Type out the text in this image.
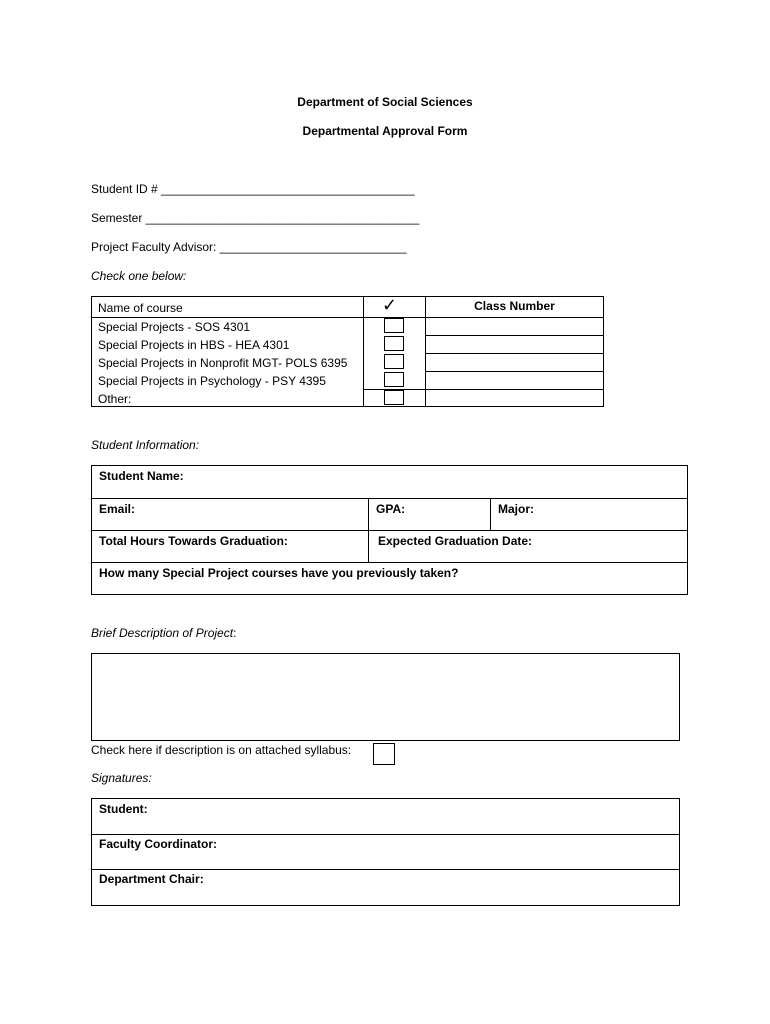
Department of Social Sciences
Departmental Approval Form
Student ID # ______________________________________
Semester _________________________________________
Project Faculty Advisor: ____________________________
Check one below:
Name of course	✓	Class Number
Special Projects - SOS 4301
Special Projects in HBS - HEA 4301
Special Projects in Nonprofit MGT- POLS 6395
Special Projects in Psychology - PSY 4395
Other:
Student Information:
Student Name:
Email:	GPA:	Major:
Total Hours Towards Graduation:	Expected Graduation Date:
How many Special Project courses have you previously taken?
Brief Description of Project:
Check here if description is on attached syllabus:
Signatures:
Student:
Faculty Coordinator:
Department Chair:
